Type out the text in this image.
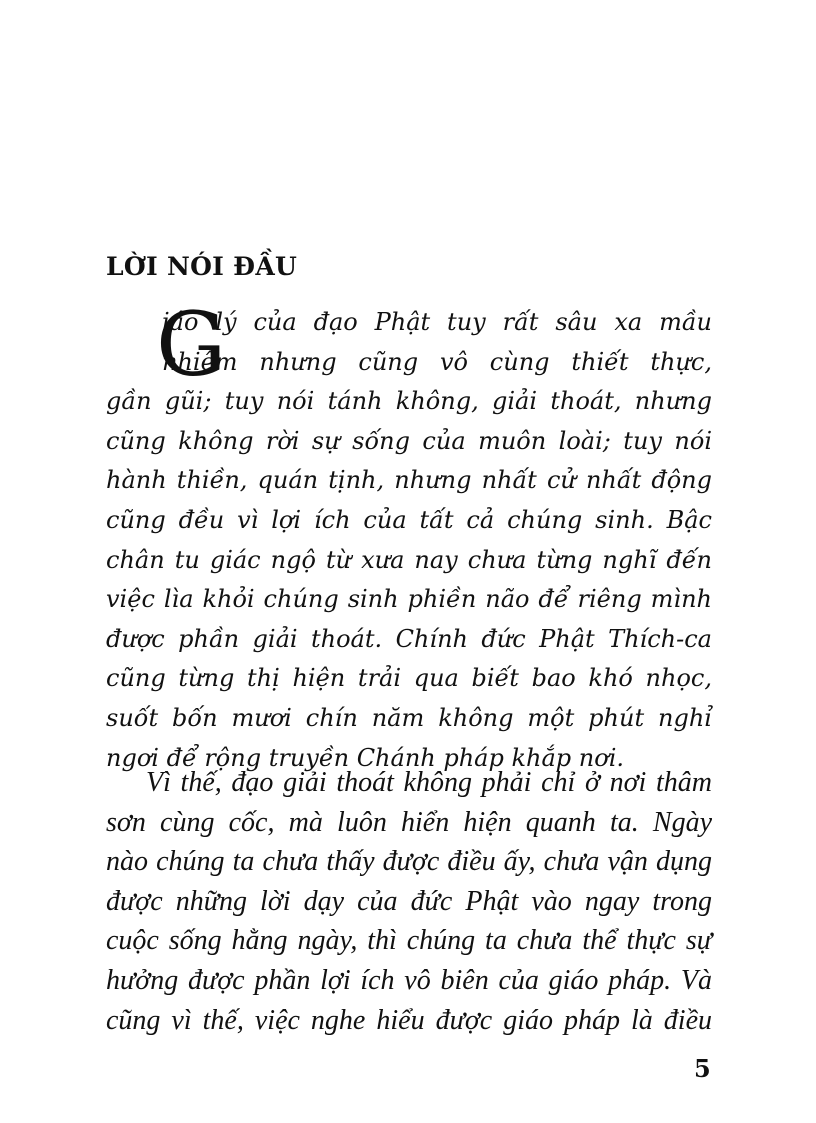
LỜI NÓI ĐẦU
G
iáo lý của đạo Phật tuy rất sâu xa mầu
nhiệm nhưng cũng vô cùng thiết thực,
gần gũi; tuy nói tánh không, giải thoát, nhưng
cũng không rời sự sống của muôn loài; tuy nói
hành thiền, quán tịnh, nhưng nhất cử nhất động
cũng đều vì lợi ích của tất cả chúng sinh. Bậc
chân tu giác ngộ từ xưa nay chưa từng nghĩ đến
việc lìa khỏi chúng sinh phiền não để riêng mình
được phần giải thoát. Chính đức Phật Thích-ca
cũng từng thị hiện trải qua biết bao khó nhọc,
suốt bốn mươi chín năm không một phút nghỉ
ngơi để rộng truyền Chánh pháp khắp nơi.
Vì thế, đạo giải thoát không phải chỉ ở nơi thâm
sơn cùng cốc, mà luôn hiển hiện quanh ta. Ngày
nào chúng ta chưa thấy được điều ấy, chưa vận dụng
được những lời dạy của đức Phật vào ngay trong
cuộc sống hằng ngày, thì chúng ta chưa thể thực sự
hưởng được phần lợi ích vô biên của giáo pháp. Và
cũng vì thế, việc nghe hiểu được giáo pháp là điều
5
